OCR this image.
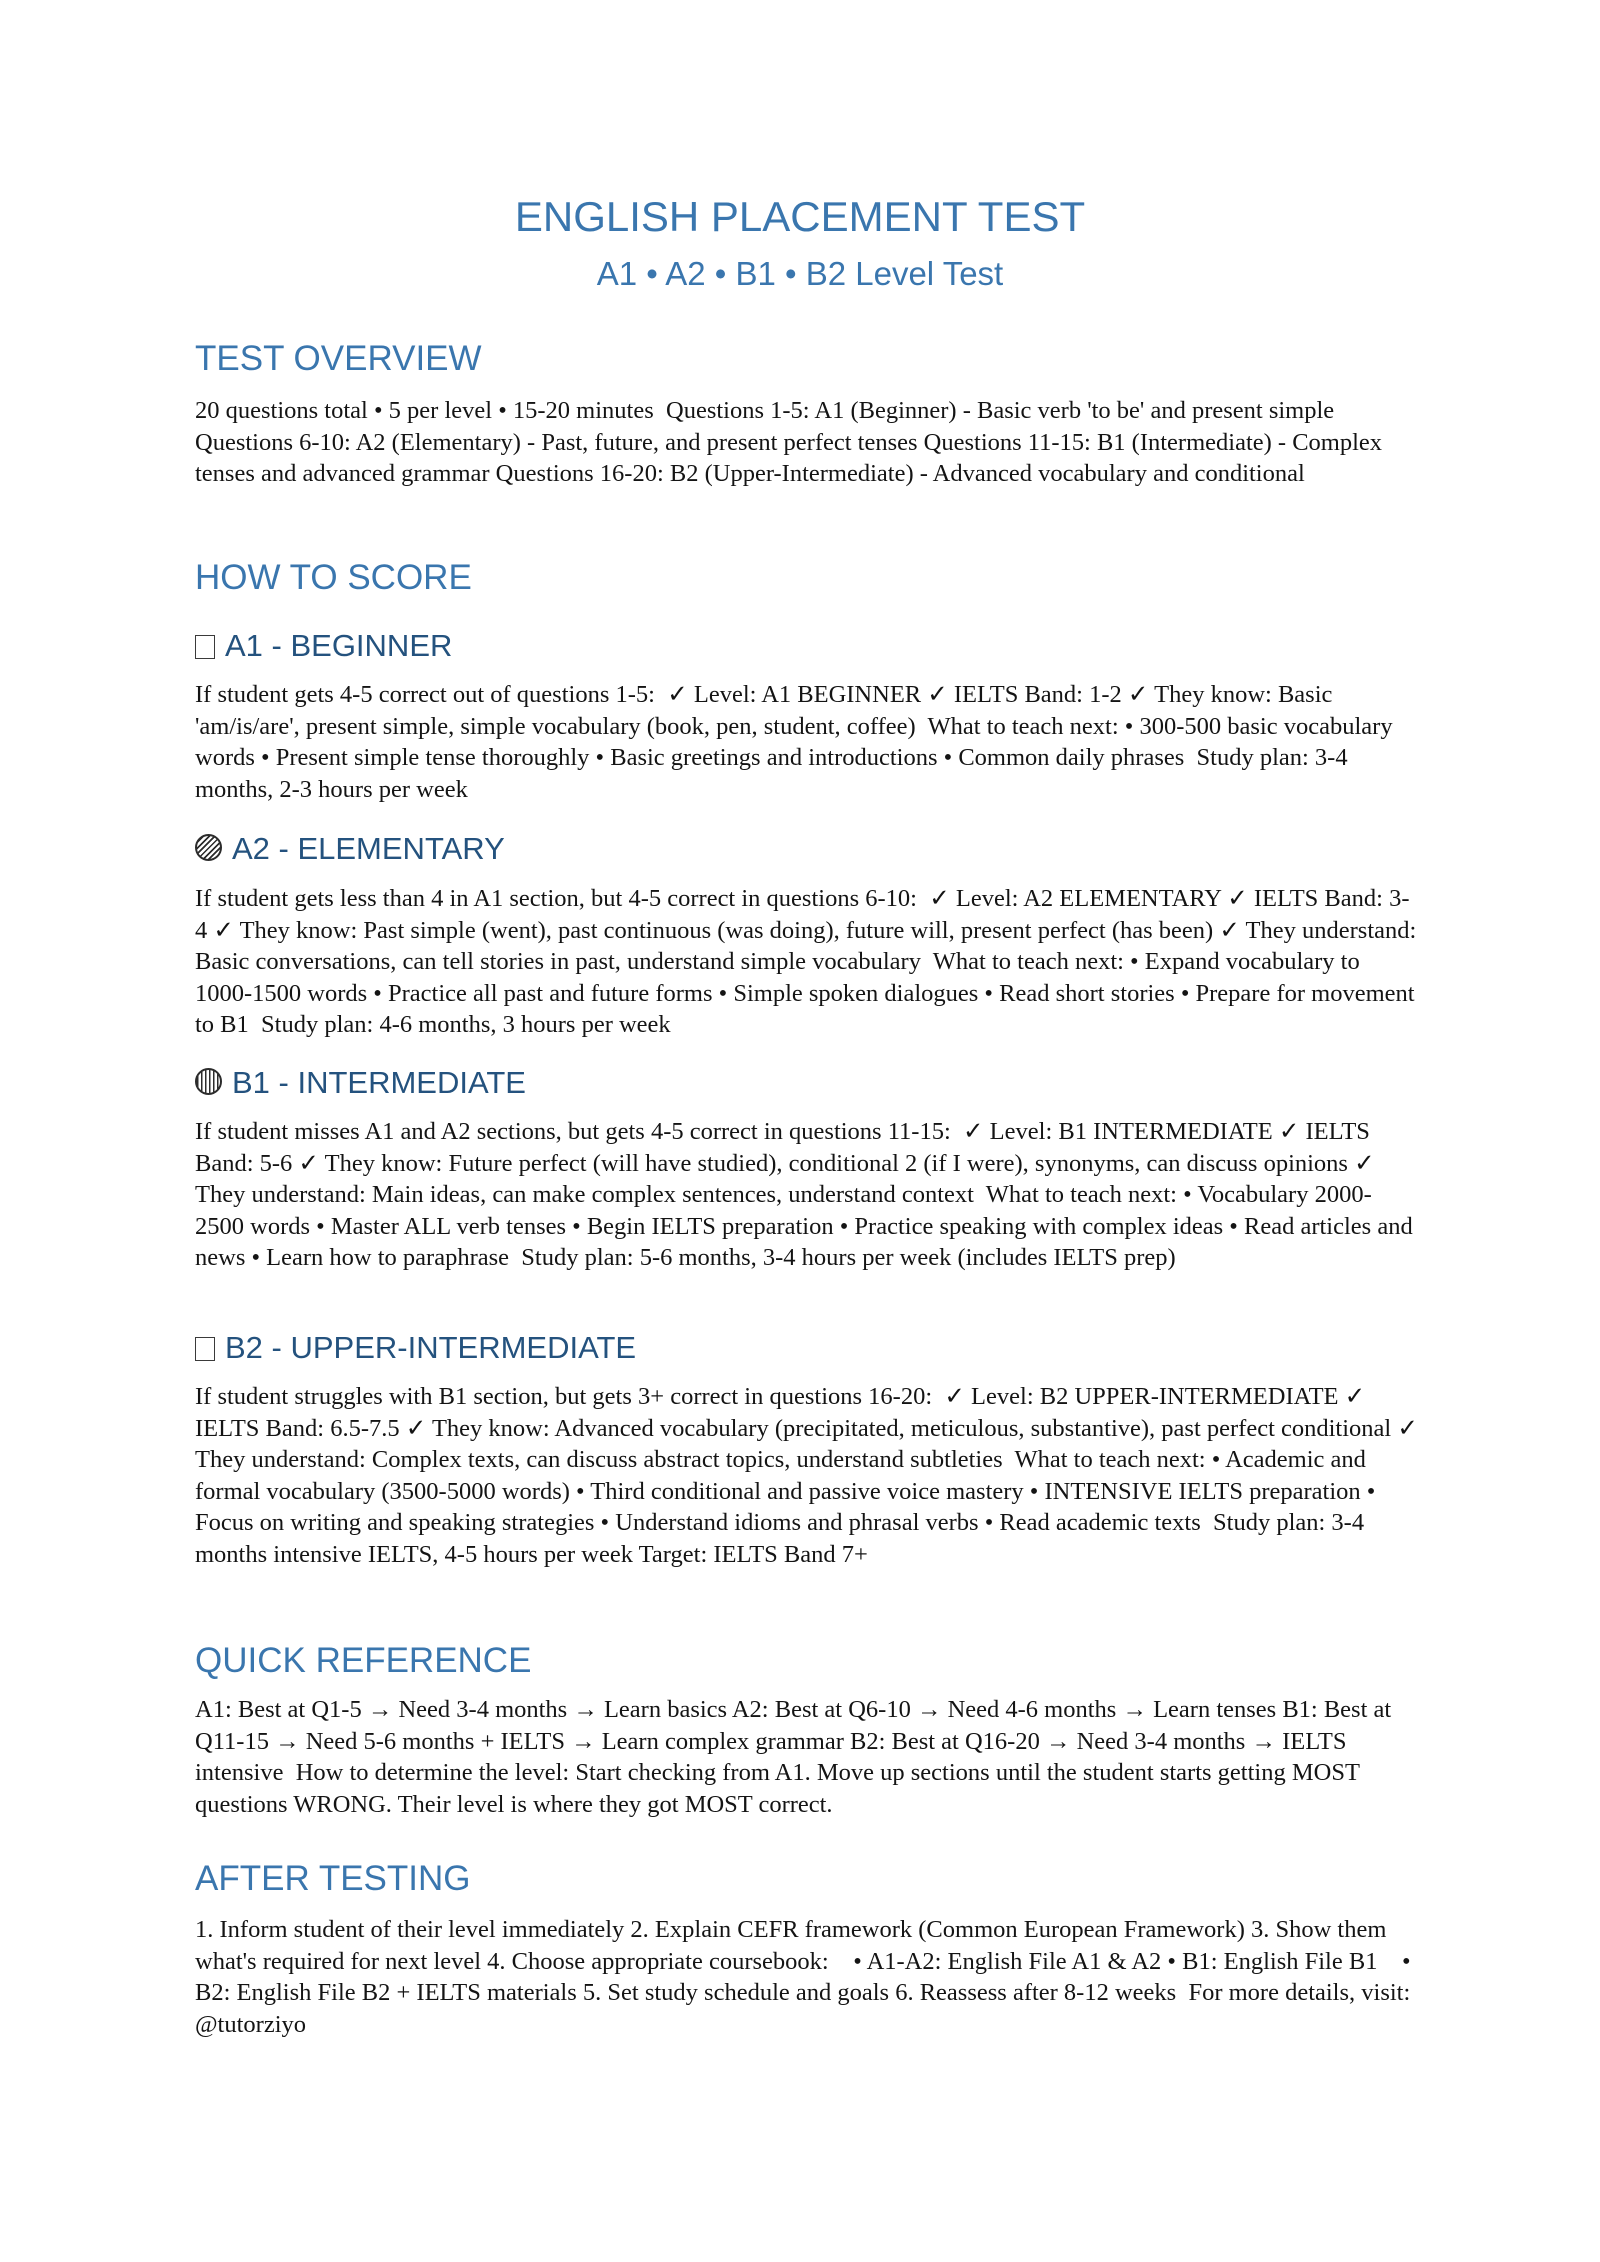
ENGLISH PLACEMENT TEST
A1 • A2 • B1 • B2 Level Test
TEST OVERVIEW

20 questions total • 5 per level • 15-20 minutes  Questions 1-5: A1 (Beginner) - Basic verb 'to be' and present simple Questions 6-10: A2 (Elementary) - Past, future, and present perfect tenses Questions 11-15: B1 (Intermediate) - Complex tenses and advanced grammar Questions 16-20: B2 (Upper-Intermediate) - Advanced vocabulary and conditional

HOW TO SCORE
A1 - BEGINNER

If student gets 4-5 correct out of questions 1-5:  ✓ Level: A1 BEGINNER ✓ IELTS Band: 1-2 ✓ They know: Basic 'am/is/are', present simple, simple vocabulary (book, pen, student, coffee)  What to teach next: • 300-500 basic vocabulary words • Present simple tense thoroughly • Basic greetings and introductions • Common daily phrases  Study plan: 3-4 months, 2-3 hours per week

A2 - ELEMENTARY

If student gets less than 4 in A1 section, but 4-5 correct in questions 6-10:  ✓ Level: A2 ELEMENTARY ✓ IELTS Band: 3-4 ✓ They know: Past simple (went), past continuous (was doing), future will, present perfect (has been) ✓ They understand: Basic conversations, can tell stories in past, understand simple vocabulary  What to teach next: • Expand vocabulary to 1000-1500 words • Practice all past and future forms • Simple spoken dialogues • Read short stories • Prepare for movement to B1  Study plan: 4-6 months, 3 hours per week

B1 - INTERMEDIATE

If student misses A1 and A2 sections, but gets 4-5 correct in questions 11-15:  ✓ Level: B1 INTERMEDIATE ✓ IELTS Band: 5-6 ✓ They know: Future perfect (will have studied), conditional 2 (if I were), synonyms, can discuss opinions ✓ They understand: Main ideas, can make complex sentences, understand context  What to teach next: • Vocabulary 2000-2500 words • Master ALL verb tenses • Begin IELTS preparation • Practice speaking with complex ideas • Read articles and news • Learn how to paraphrase  Study plan: 5-6 months, 3-4 hours per week (includes IELTS prep)

B2 - UPPER-INTERMEDIATE

If student struggles with B1 section, but gets 3+ correct in questions 16-20:  ✓ Level: B2 UPPER-INTERMEDIATE ✓ IELTS Band: 6.5-7.5 ✓ They know: Advanced vocabulary (precipitated, meticulous, substantive), past perfect conditional ✓ They understand: Complex texts, can discuss abstract topics, understand subtleties  What to teach next: • Academic and formal vocabulary (3500-5000 words) • Third conditional and passive voice mastery • INTENSIVE IELTS preparation • Focus on writing and speaking strategies • Understand idioms and phrasal verbs • Read academic texts  Study plan: 3-4 months intensive IELTS, 4-5 hours per week Target: IELTS Band 7+

QUICK REFERENCE

A1: Best at Q1-5 → Need 3-4 months → Learn basics A2: Best at Q6-10 → Need 4-6 months → Learn tenses B1: Best at Q11-15 → Need 5-6 months + IELTS → Learn complex grammar B2: Best at Q16-20 → Need 3-4 months → IELTS intensive  How to determine the level: Start checking from A1. Move up sections until the student starts getting MOST questions WRONG. Their level is where they got MOST correct.

AFTER TESTING

1. Inform student of their level immediately 2. Explain CEFR framework (Common European Framework) 3. Show them what's required for next level 4. Choose appropriate coursebook:    • A1-A2: English File A1 & A2 • B1: English File B1    • B2: English File B2 + IELTS materials 5. Set study schedule and goals 6. Reassess after 8-12 weeks  For more details, visit: @tutorziyo
